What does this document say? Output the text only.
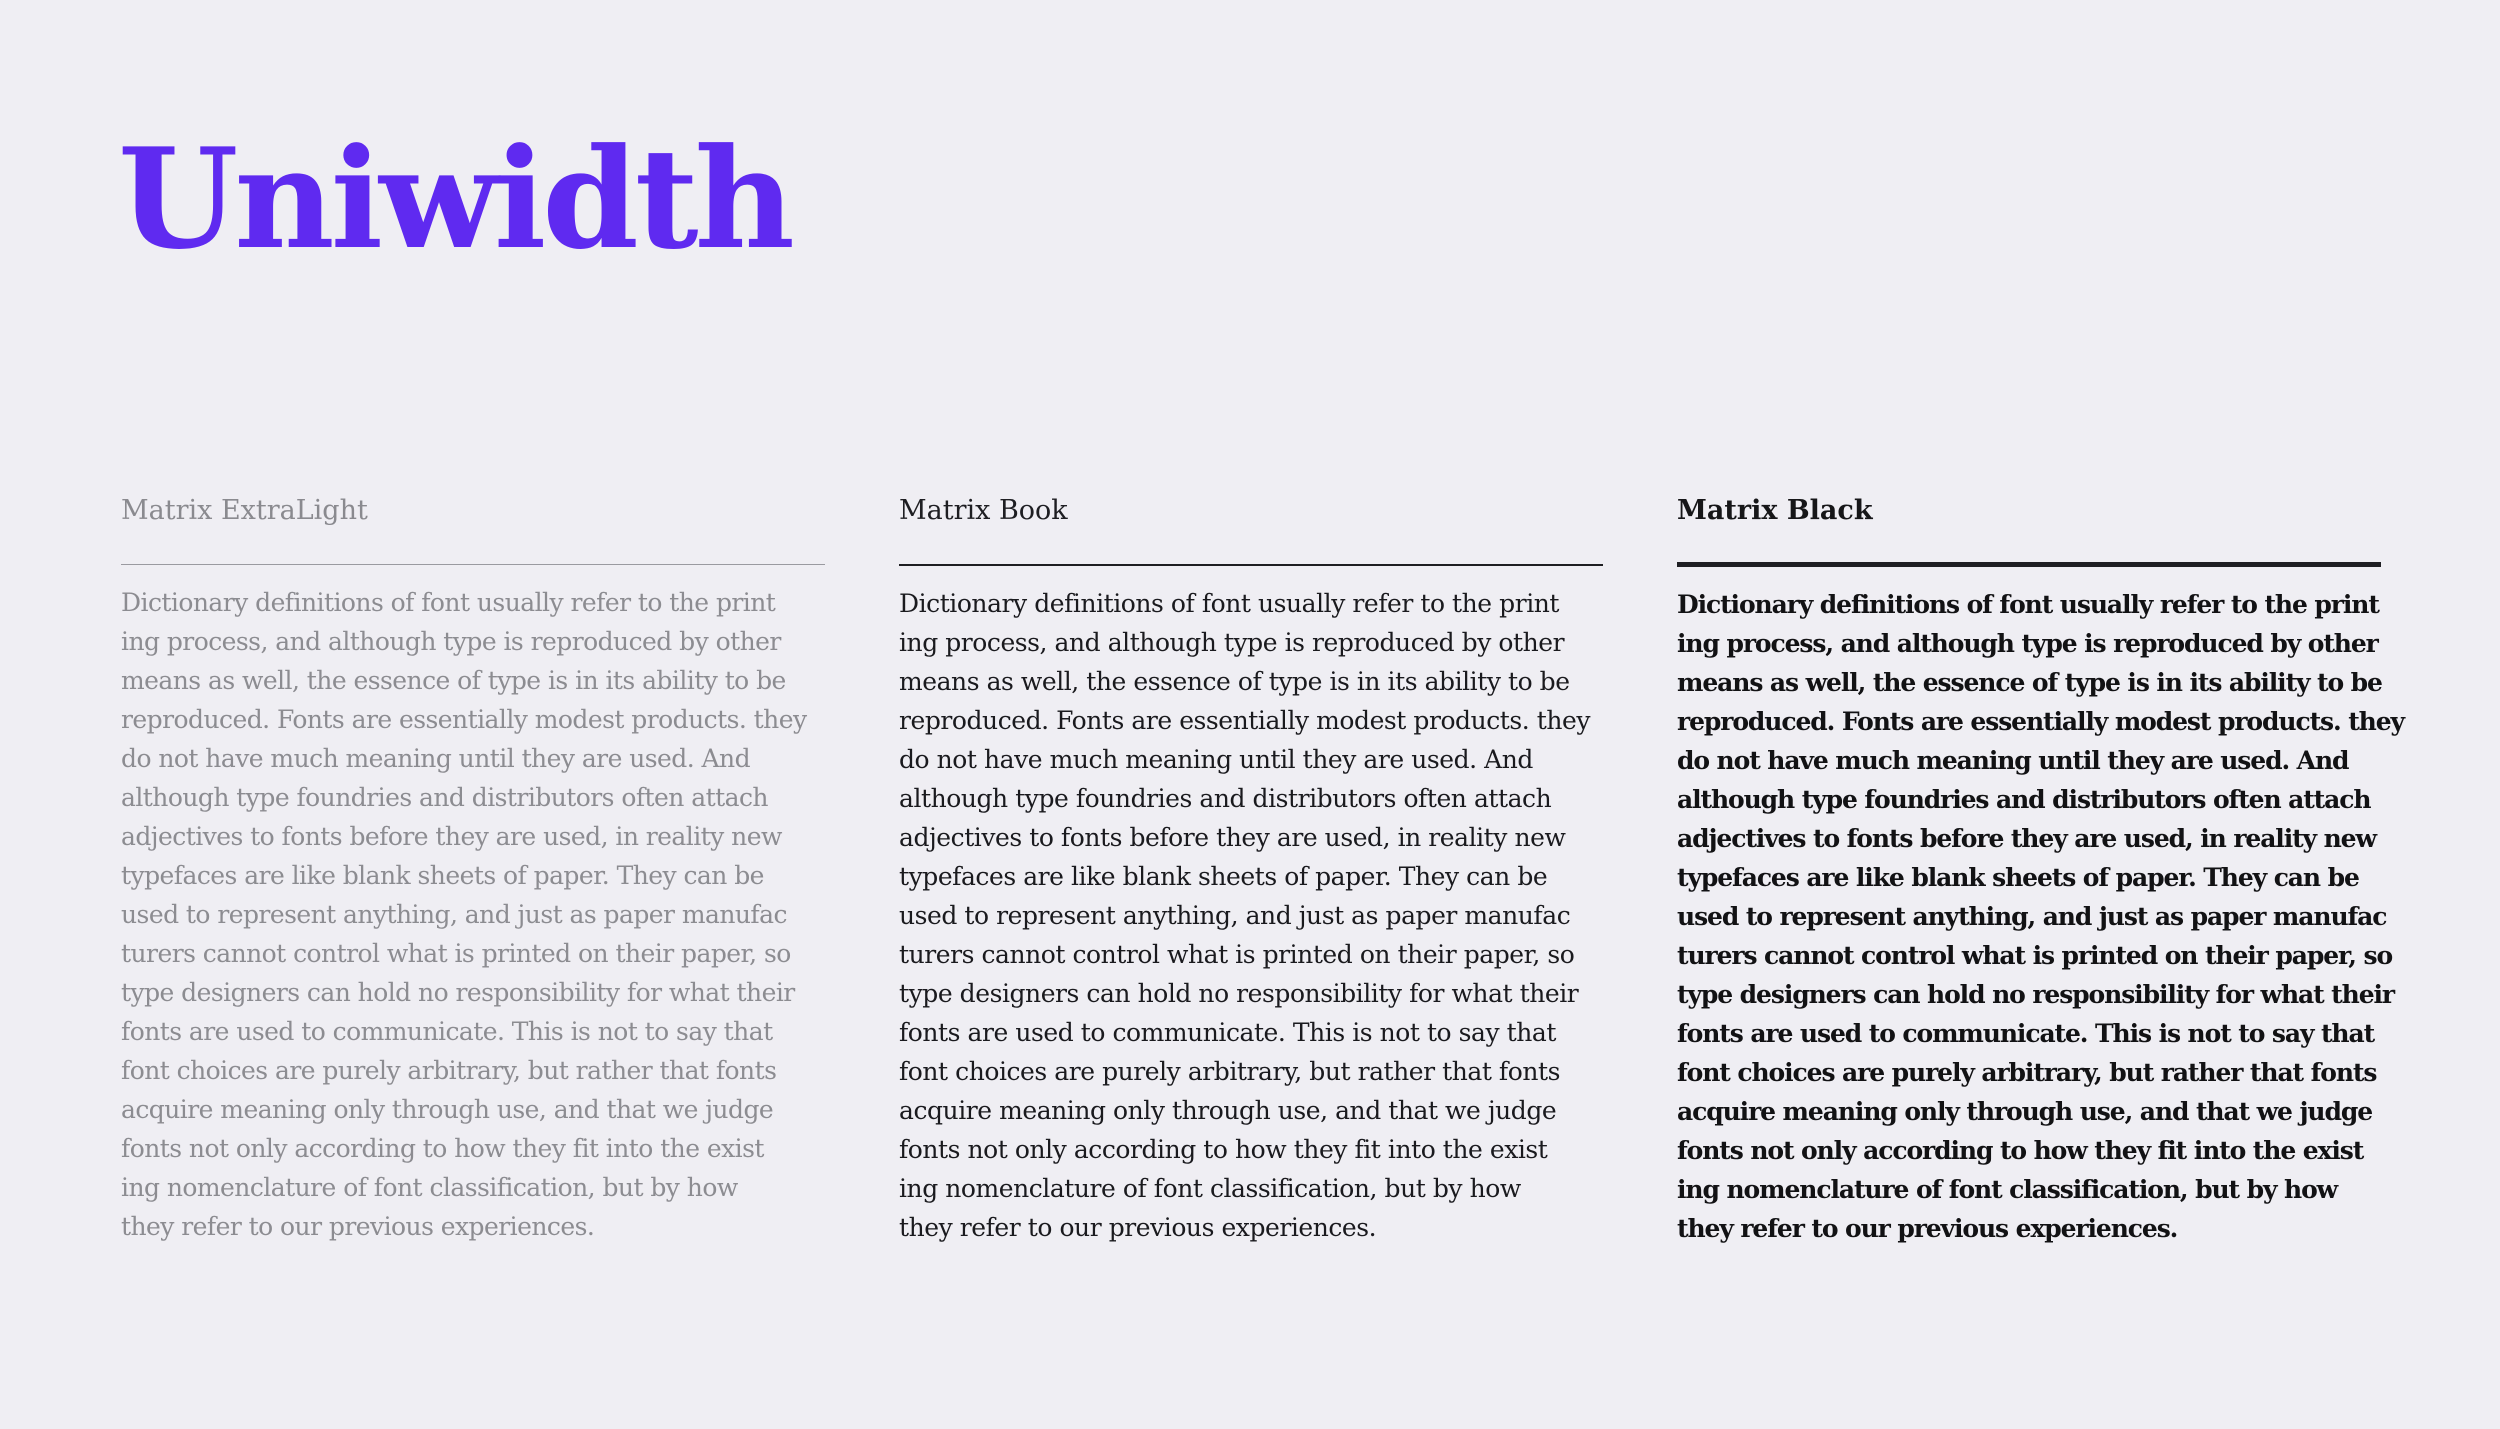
Uniwidth
Matrix ExtraLight

Dictionary definitions of font usually refer to the print
ing process, and although type is reproduced by other
means as well, the essence of type is in its ability to be
reproduced. Fonts are essentially modest products. they
do not have much meaning until they are used. And
although type foundries and distributors often attach
adjectives to fonts before they are used, in reality new
typefaces are like blank sheets of paper. They can be
used to represent anything, and just as paper manufac
turers cannot control what is printed on their paper, so
type designers can hold no responsibility for what their
fonts are used to communicate. This is not to say that
font choices are purely arbitrary, but rather that fonts
acquire meaning only through use, and that we judge
fonts not only according to how they fit into the exist
ing nomenclature of font classification, but by how
they refer to our previous experiences.

Matrix Book

Dictionary definitions of font usually refer to the print
ing process, and although type is reproduced by other
means as well, the essence of type is in its ability to be
reproduced. Fonts are essentially modest products. they
do not have much meaning until they are used. And
although type foundries and distributors often attach
adjectives to fonts before they are used, in reality new
typefaces are like blank sheets of paper. They can be
used to represent anything, and just as paper manufac
turers cannot control what is printed on their paper, so
type designers can hold no responsibility for what their
fonts are used to communicate. This is not to say that
font choices are purely arbitrary, but rather that fonts
acquire meaning only through use, and that we judge
fonts not only according to how they fit into the exist
ing nomenclature of font classification, but by how
they refer to our previous experiences.

Matrix Black

Dictionary definitions of font usually refer to the print
ing process, and although type is reproduced by other
means as well, the essence of type is in its ability to be
reproduced. Fonts are essentially modest products. they
do not have much meaning until they are used. And
although type foundries and distributors often attach
adjectives to fonts before they are used, in reality new
typefaces are like blank sheets of paper. They can be
used to represent anything, and just as paper manufac
turers cannot control what is printed on their paper, so
type designers can hold no responsibility for what their
fonts are used to communicate. This is not to say that
font choices are purely arbitrary, but rather that fonts
acquire meaning only through use, and that we judge
fonts not only according to how they fit into the exist
ing nomenclature of font classification, but by how
they refer to our previous experiences.
